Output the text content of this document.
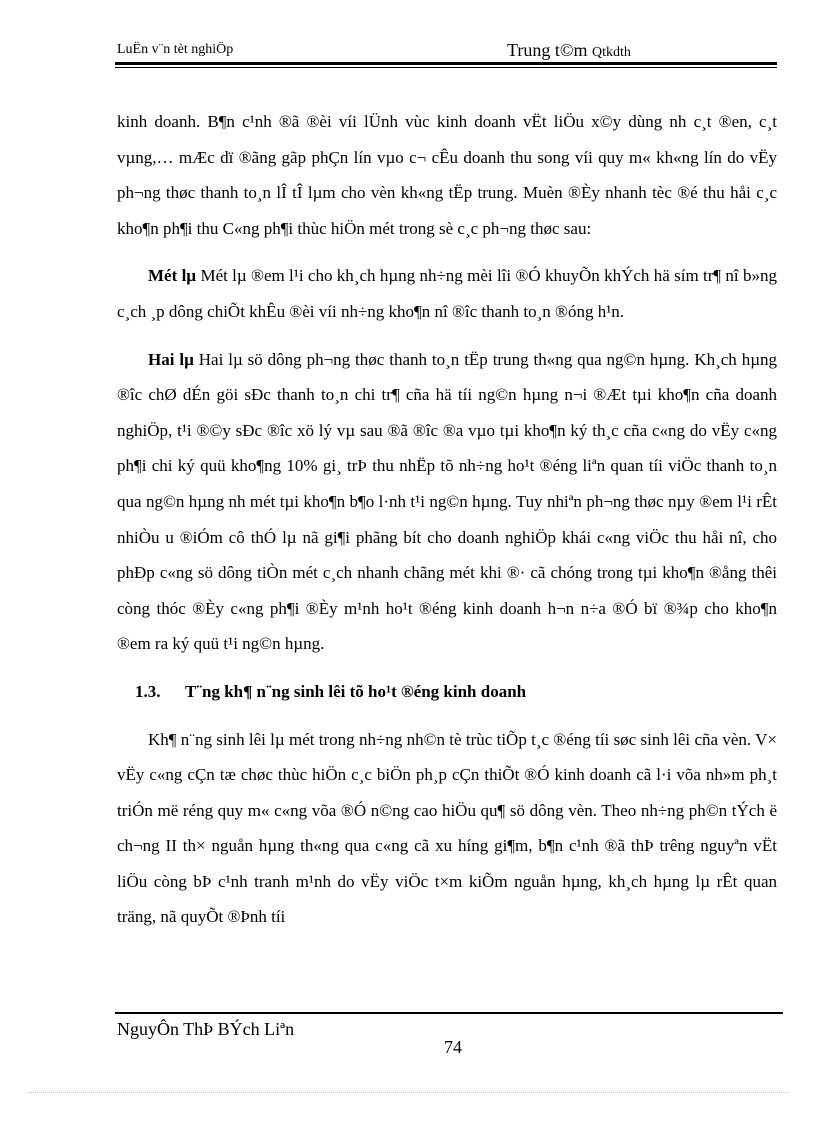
LuËn v¨n tèt nghiÖp	Trung t©m Qtkdth

kinh doanh. B¶n c¹nh ®ã ®èi víi lÜnh vùc kinh doanh vËt liÖu x©y dùng nh c¸t ®en, c¸t vµng,… mÆc dï ®ãng gãp phÇn lín vµo c¬ cÊu doanh thu song víi quy m« kh«ng lín do vËy ph¬ng thøc thanh to¸n lÎ tÎ lµm cho vèn kh«ng tËp trung. Muèn ®Èy nhanh tèc ®é thu håi c¸c kho¶n ph¶i thu C«ng ph¶i thùc hiÖn mét trong sè c¸c ph¬ng thøc sau:

Mét lµ Mét lµ ®em l¹i cho kh¸ch hµng nh÷ng mèi lîi ®Ó khuyÕn khÝch hä sím tr¶ nî b»ng c¸ch ¸p dông chiÕt khÊu ®èi víi nh÷ng kho¶n nî ®îc thanh to¸n ®óng h¹n.

Hai lµ Hai lµ sö dông ph¬ng thøc thanh to¸n tËp trung th«ng qua ng©n hµng. Kh¸ch hµng ®îc chØ dÉn göi sÐc thanh to¸n chi tr¶ cña hä tíi ng©n hµng n¬i ®Æt tµi kho¶n cña doanh nghiÖp, t¹i ®©y sÐc ®îc xö lý vµ sau ®ã ®îc ®a vµo tµi kho¶n ký th¸c cña c«ng do vËy c«ng ph¶i chi ký quü kho¶ng 10% gi¸ trÞ thu nhËp tõ nh÷ng ho¹t ®éng liªn quan tíi viÖc thanh to¸n qua ng©n hµng nh mét tµi kho¶n b¶o l·nh t¹i ng©n hµng. Tuy nhiªn ph¬ng thøc nµy ®em l¹i rÊt nhiÒu u ®iÓm cô thÓ lµ nã gi¶i phãng bít cho doanh nghiÖp khái c«ng viÖc thu håi nî, cho phÐp c«ng sö dông tiÒn mét c¸ch nhanh chãng mét khi ®· cã chóng trong tµi kho¶n ®ång thêi còng thóc ®Èy c«ng ph¶i ®Èy m¹nh ho¹t ®éng kinh doanh h¬n n÷a ®Ó bï ®¾p cho kho¶n ®em ra ký quü t¹i ng©n hµng.

1.3. T¨ng kh¶ n¨ng sinh lêi tõ ho¹t ®éng kinh doanh

Kh¶ n¨ng sinh lêi lµ mét trong nh÷ng nh©n tè trùc tiÕp t¸c ®éng tíi søc sinh lêi cña vèn. V× vËy c«ng cÇn tæ chøc thùc hiÖn c¸c biÖn ph¸p cÇn thiÕt ®Ó kinh doanh cã l·i võa nh»m ph¸t triÓn më réng quy m« c«ng võa ®Ó n©ng cao hiÖu qu¶ sö dông vèn. Theo nh÷ng ph©n tÝch ë ch¬ng II th× nguån hµng th«ng qua c«ng cã xu híng gi¶m, b¶n c¹nh ®ã thÞ trêng nguyªn vËt liÖu còng bÞ c¹nh tranh m¹nh do vËy viÖc t×m kiÕm nguån hµng, kh¸ch hµng lµ rÊt quan träng, nã quyÕt ®Þnh tíi

NguyÔn ThÞ BÝch Liªn
74
